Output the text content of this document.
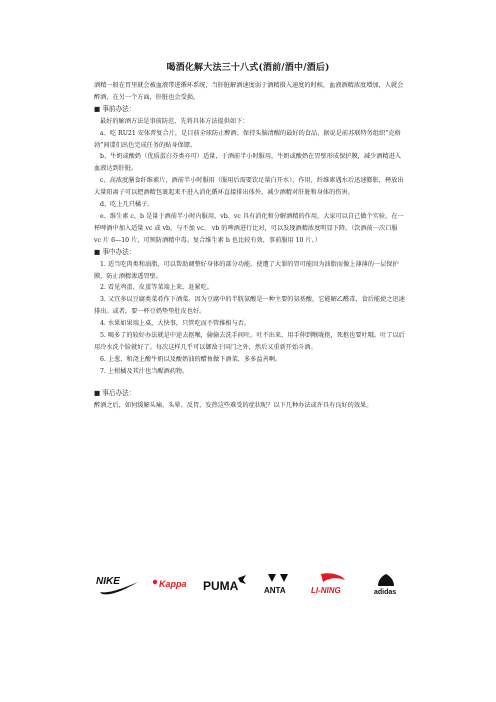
喝酒化解大法三十八式(酒前/酒中/酒后)

酒精一般在胃里就会被血液带进循环系统，当肝脏解酒速度弱于酒精摄入速度的时候，血液酒精浓度增加，人就会醉酒，在另一个方面，肝脏也会受损。

■ 事前办法：

最好的解酒方法是事前防范，先将具体方法提供如下：

a、吃 RU21 安体普复合片，是目前全球防止醉酒、保持头脑清醒的最好的食品，据说是前苏联特务组织“克格勃”间谍们出色完成任务的贴身保镖。

b、牛奶或酸奶（优质蛋白芬类亦可）适量，于酒前半小时服用，牛奶或酸奶在胃壁形成保护膜，减少酒精进入血液达到肝脏。

c、高浓度膳食纤维素片，酒前半小时服用（服用后需要饮足量白开水），作用，纤维素遇水后迅速膨胀，释放出大量阳离子可以把酒精包裹起来不进入消化循环直接排出体外，减少酒精对肝脏和身体的伤害。

d、吃上几只橘子。

e、维生素 c、b 是量于酒前半小时内服用，vb、vc 具有消化和分解酒精的作用，大家可以自己做个实验，在一杯啤酒中加入适量 vc 或 vb，与不加 vc、 vb 的啤酒进行比对，可以发现酒精浓度明显下降。（饮酒前一次口服 vc 片 6—10 片，可预防酒精中毒。复合维生素 b 也比较有效，事前服用 10 片。）

■ 事中办法：

1. 适当吃肉类和油脂，可以帮助调整好身体的部分功能，使遭了大罪的胃可能因为油脂而像上薄薄的一层保护膜，防止酒精渗透胃壁。

2. 看见鸡蛋、皮蛋等菜端上来，赶紧吃。

3. 又宜多以豆腐类菜肴作下酒菜。因为豆腐中的半胱氨酸是一种主要的氨基酸，它能解乙醛毒，食后能使之迅速排出。或者，要一杯豆奶垫垫肚皮也好。

4. 水果如果端上桌，大快事，只管吃而不管推相与否。

5. 喝多了的较好办法就是中途去抠喉，偷偷去洗手间吐。吐不出来，用手伸到喉咙抠，死抠也要吐哦。吐了以后用冷水洗个脸就好了。每次这样几乎可以御敌于国门之外，然后又重新开始斗酒。

6. 上葱、和浇上酸牛奶以及酸奶油的醋鱼做下酒菜，多多益善啊。

7. 上柑橘及其汁也当醒酒药物。

■ 事后办法：

醉酒之后，如何缓解头痛、头晕、反胃、发热这些难受的症状呢？以下几种办法或许具有良好的效果。

NIKE	Kappa PUMA	ANTA	LI-NING	adidas
